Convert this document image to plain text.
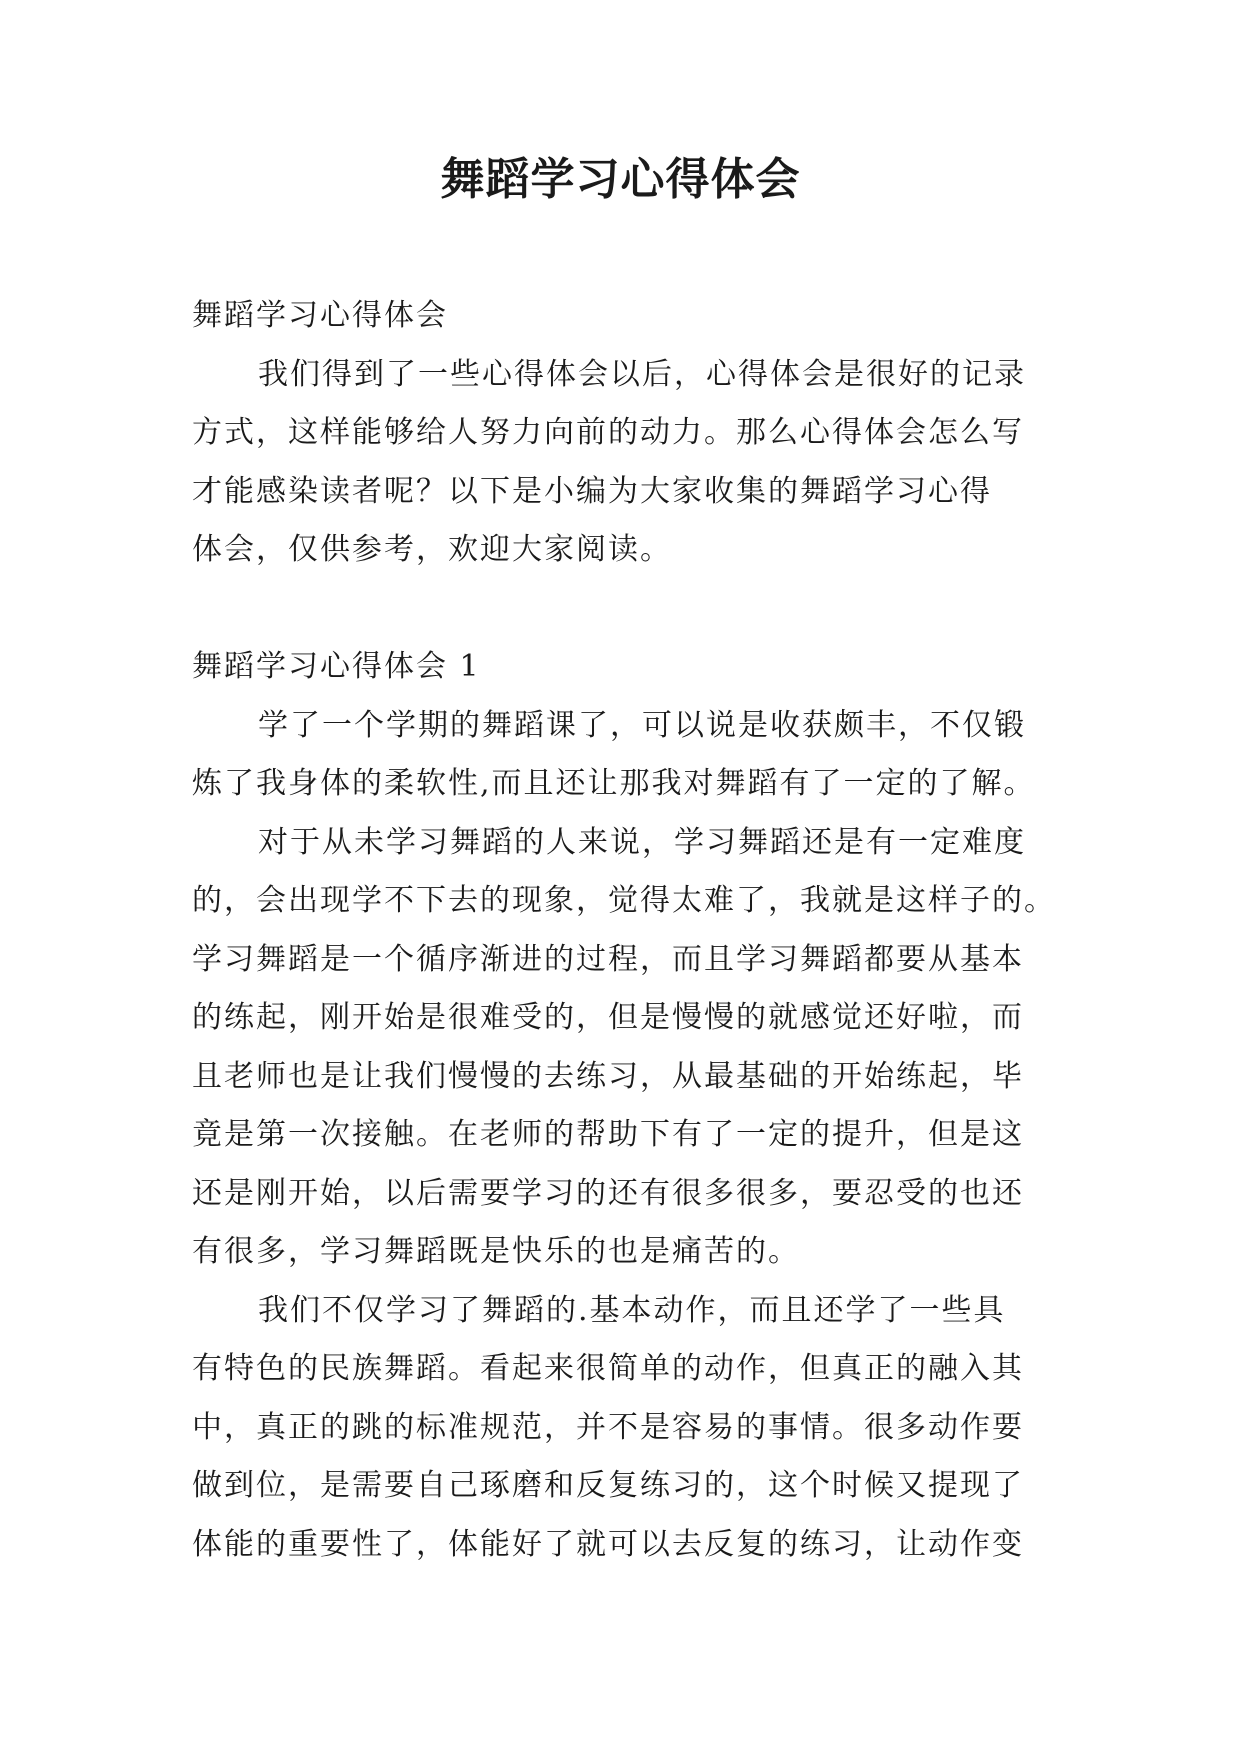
舞蹈学习心得体会
舞蹈学习心得体会
我们得到了一些心得体会以后，心得体会是很好的记录
方式，这样能够给人努力向前的动力。那么心得体会怎么写
才能感染读者呢？以下是小编为大家收集的舞蹈学习心得
体会，仅供参考，欢迎大家阅读。
舞蹈学习心得体会 1
学了一个学期的舞蹈课了，可以说是收获颇丰，不仅锻
炼了我身体的柔软性,而且还让那我对舞蹈有了一定的了解。
对于从未学习舞蹈的人来说，学习舞蹈还是有一定难度
的，会出现学不下去的现象，觉得太难了，我就是这样子的。
学习舞蹈是一个循序渐进的过程，而且学习舞蹈都要从基本
的练起，刚开始是很难受的，但是慢慢的就感觉还好啦，而
且老师也是让我们慢慢的去练习，从最基础的开始练起，毕
竟是第一次接触。在老师的帮助下有了一定的提升，但是这
还是刚开始，以后需要学习的还有很多很多，要忍受的也还
有很多，学习舞蹈既是快乐的也是痛苦的。
我们不仅学习了舞蹈的.基本动作，而且还学了一些具
有特色的民族舞蹈。看起来很简单的动作，但真正的融入其
中，真正的跳的标准规范，并不是容易的事情。很多动作要
做到位，是需要自己琢磨和反复练习的，这个时候又提现了
体能的重要性了，体能好了就可以去反复的练习，让动作变
